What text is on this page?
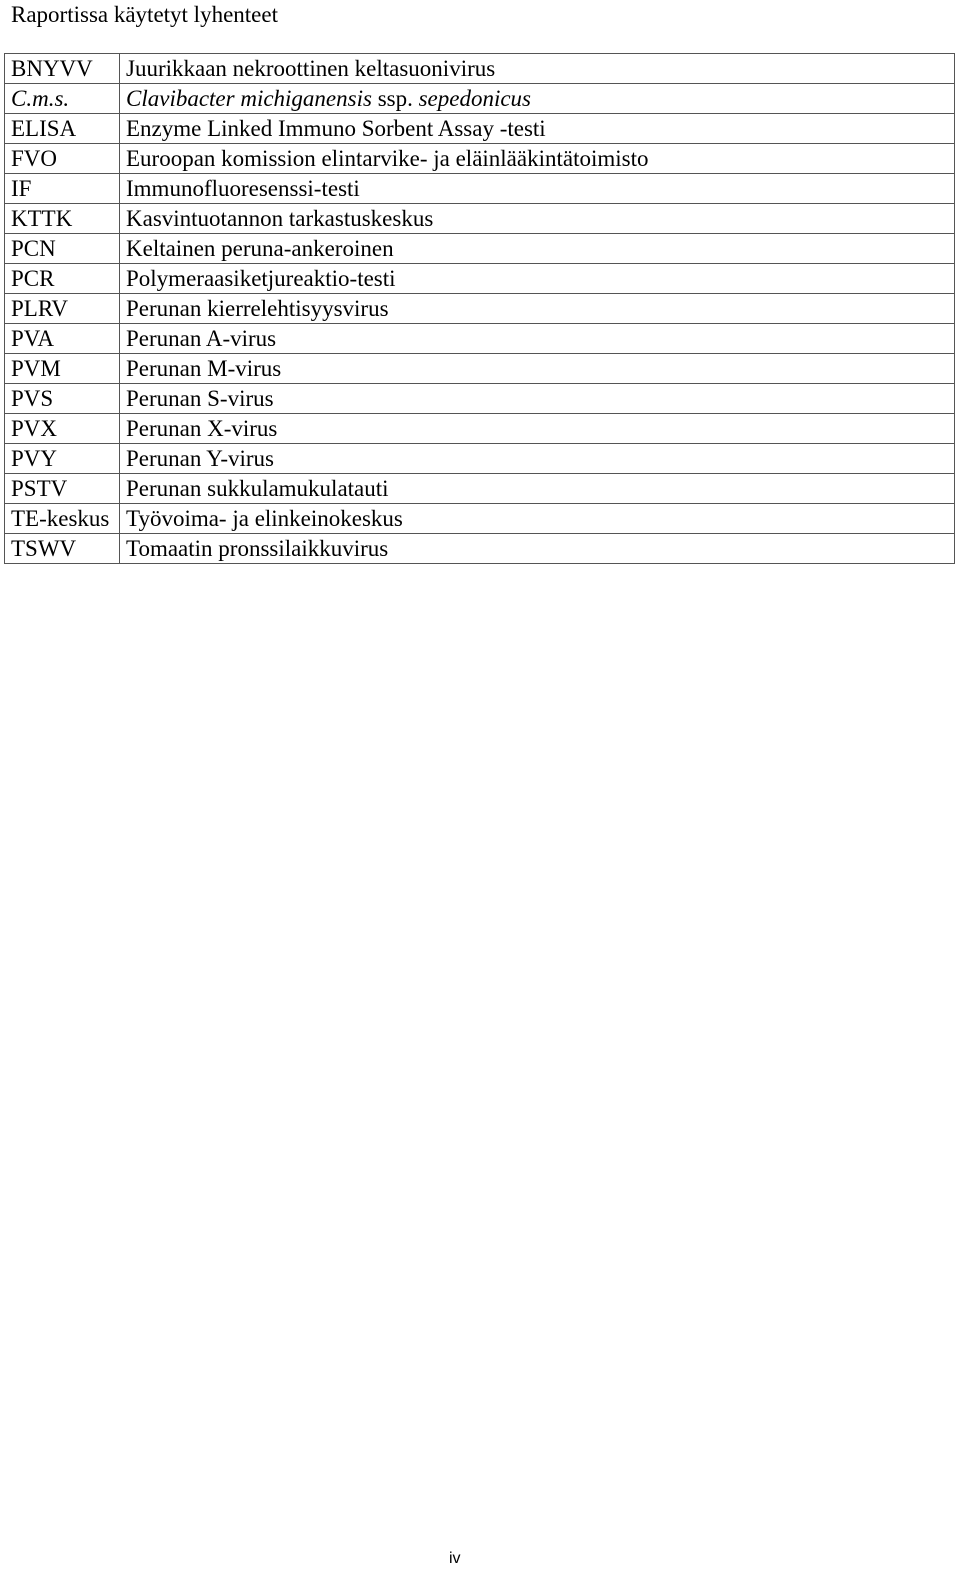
Raportissa käytetyt lyhenteet
BNYVV	Juurikkaan nekroottinen keltasuonivirus
C.m.s.	Clavibacter michiganensis ssp. sepedonicus
ELISA	Enzyme Linked Immuno Sorbent Assay -testi
FVO	Euroopan komission elintarvike- ja eläinlääkintätoimisto
IF	Immunofluoresenssi-testi
KTTK	Kasvintuotannon tarkastuskeskus
PCN	Keltainen peruna-ankeroinen
PCR	Polymeraasiketjureaktio-testi
PLRV	Perunan kierrelehtisyysvirus
PVA	Perunan A-virus
PVM	Perunan M-virus
PVS	Perunan S-virus
PVX	Perunan X-virus
PVY	Perunan Y-virus
PSTV	Perunan sukkulamukulatauti
TE-keskus	Työvoima- ja elinkeinokeskus
TSWV	Tomaatin pronssilaikkuvirus
iv
